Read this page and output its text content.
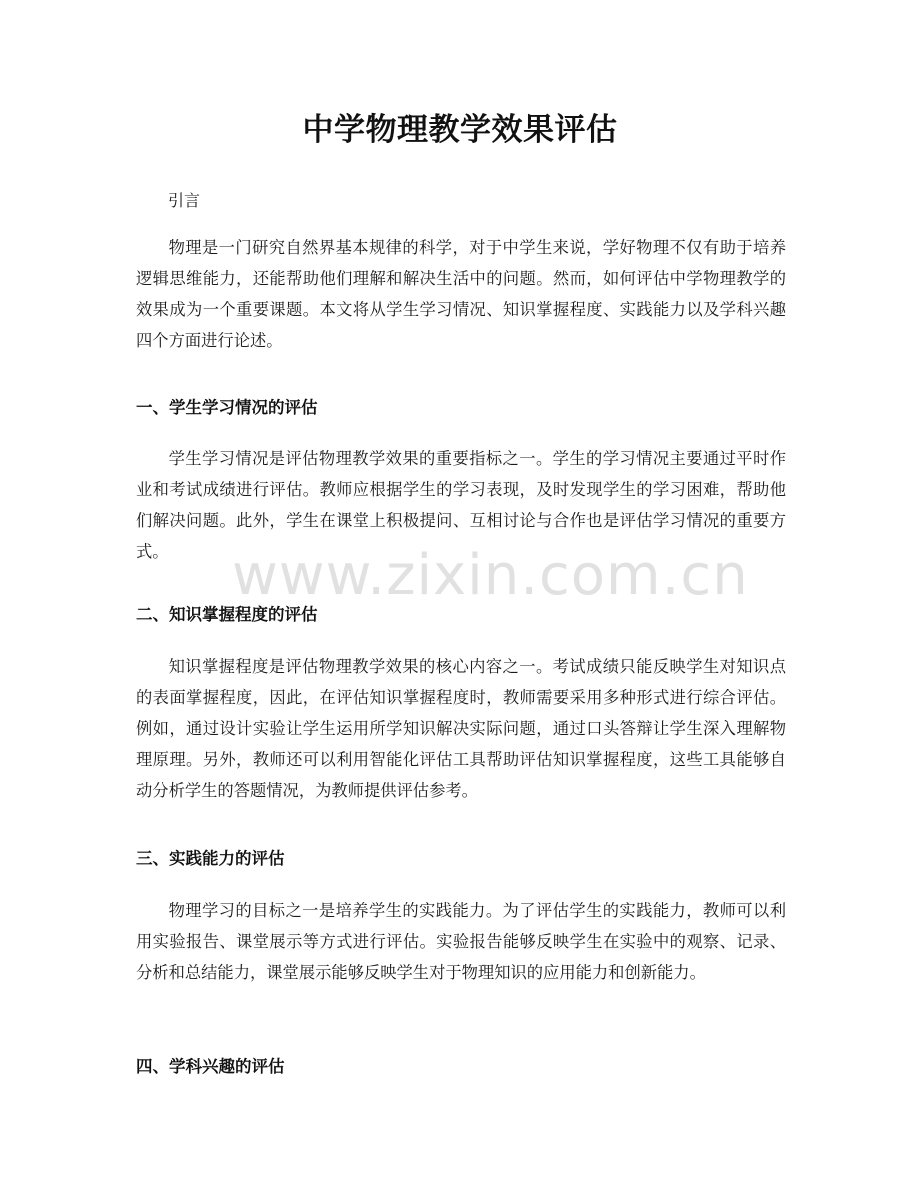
中学物理教学效果评估
引言

物理是一门研究自然界基本规律的科学，对于中学生来说，学好物理不仅有助于培养逻辑思维能力，还能帮助他们理解和解决生活中的问题。然而，如何评估中学物理教学的效果成为一个重要课题。本文将从学生学习情况、知识掌握程度、实践能力以及学科兴趣四个方面进行论述。

一、学生学习情况的评估

学生学习情况是评估物理教学效果的重要指标之一。学生的学习情况主要通过平时作业和考试成绩进行评估。教师应根据学生的学习表现，及时发现学生的学习困难，帮助他们解决问题。此外，学生在课堂上积极提问、互相讨论与合作也是评估学习情况的重要方式。

二、知识掌握程度的评估

知识掌握程度是评估物理教学效果的核心内容之一。考试成绩只能反映学生对知识点的表面掌握程度，因此，在评估知识掌握程度时，教师需要采用多种形式进行综合评估。例如，通过设计实验让学生运用所学知识解决实际问题，通过口头答辩让学生深入理解物理原理。另外，教师还可以利用智能化评估工具帮助评估知识掌握程度，这些工具能够自动分析学生的答题情况，为教师提供评估参考。

三、实践能力的评估

物理学习的目标之一是培养学生的实践能力。为了评估学生的实践能力，教师可以利用实验报告、课堂展示等方式进行评估。实验报告能够反映学生在实验中的观察、记录、分析和总结能力，课堂展示能够反映学生对于物理知识的应用能力和创新能力。

四、学科兴趣的评估
www.zixin.com.cn
